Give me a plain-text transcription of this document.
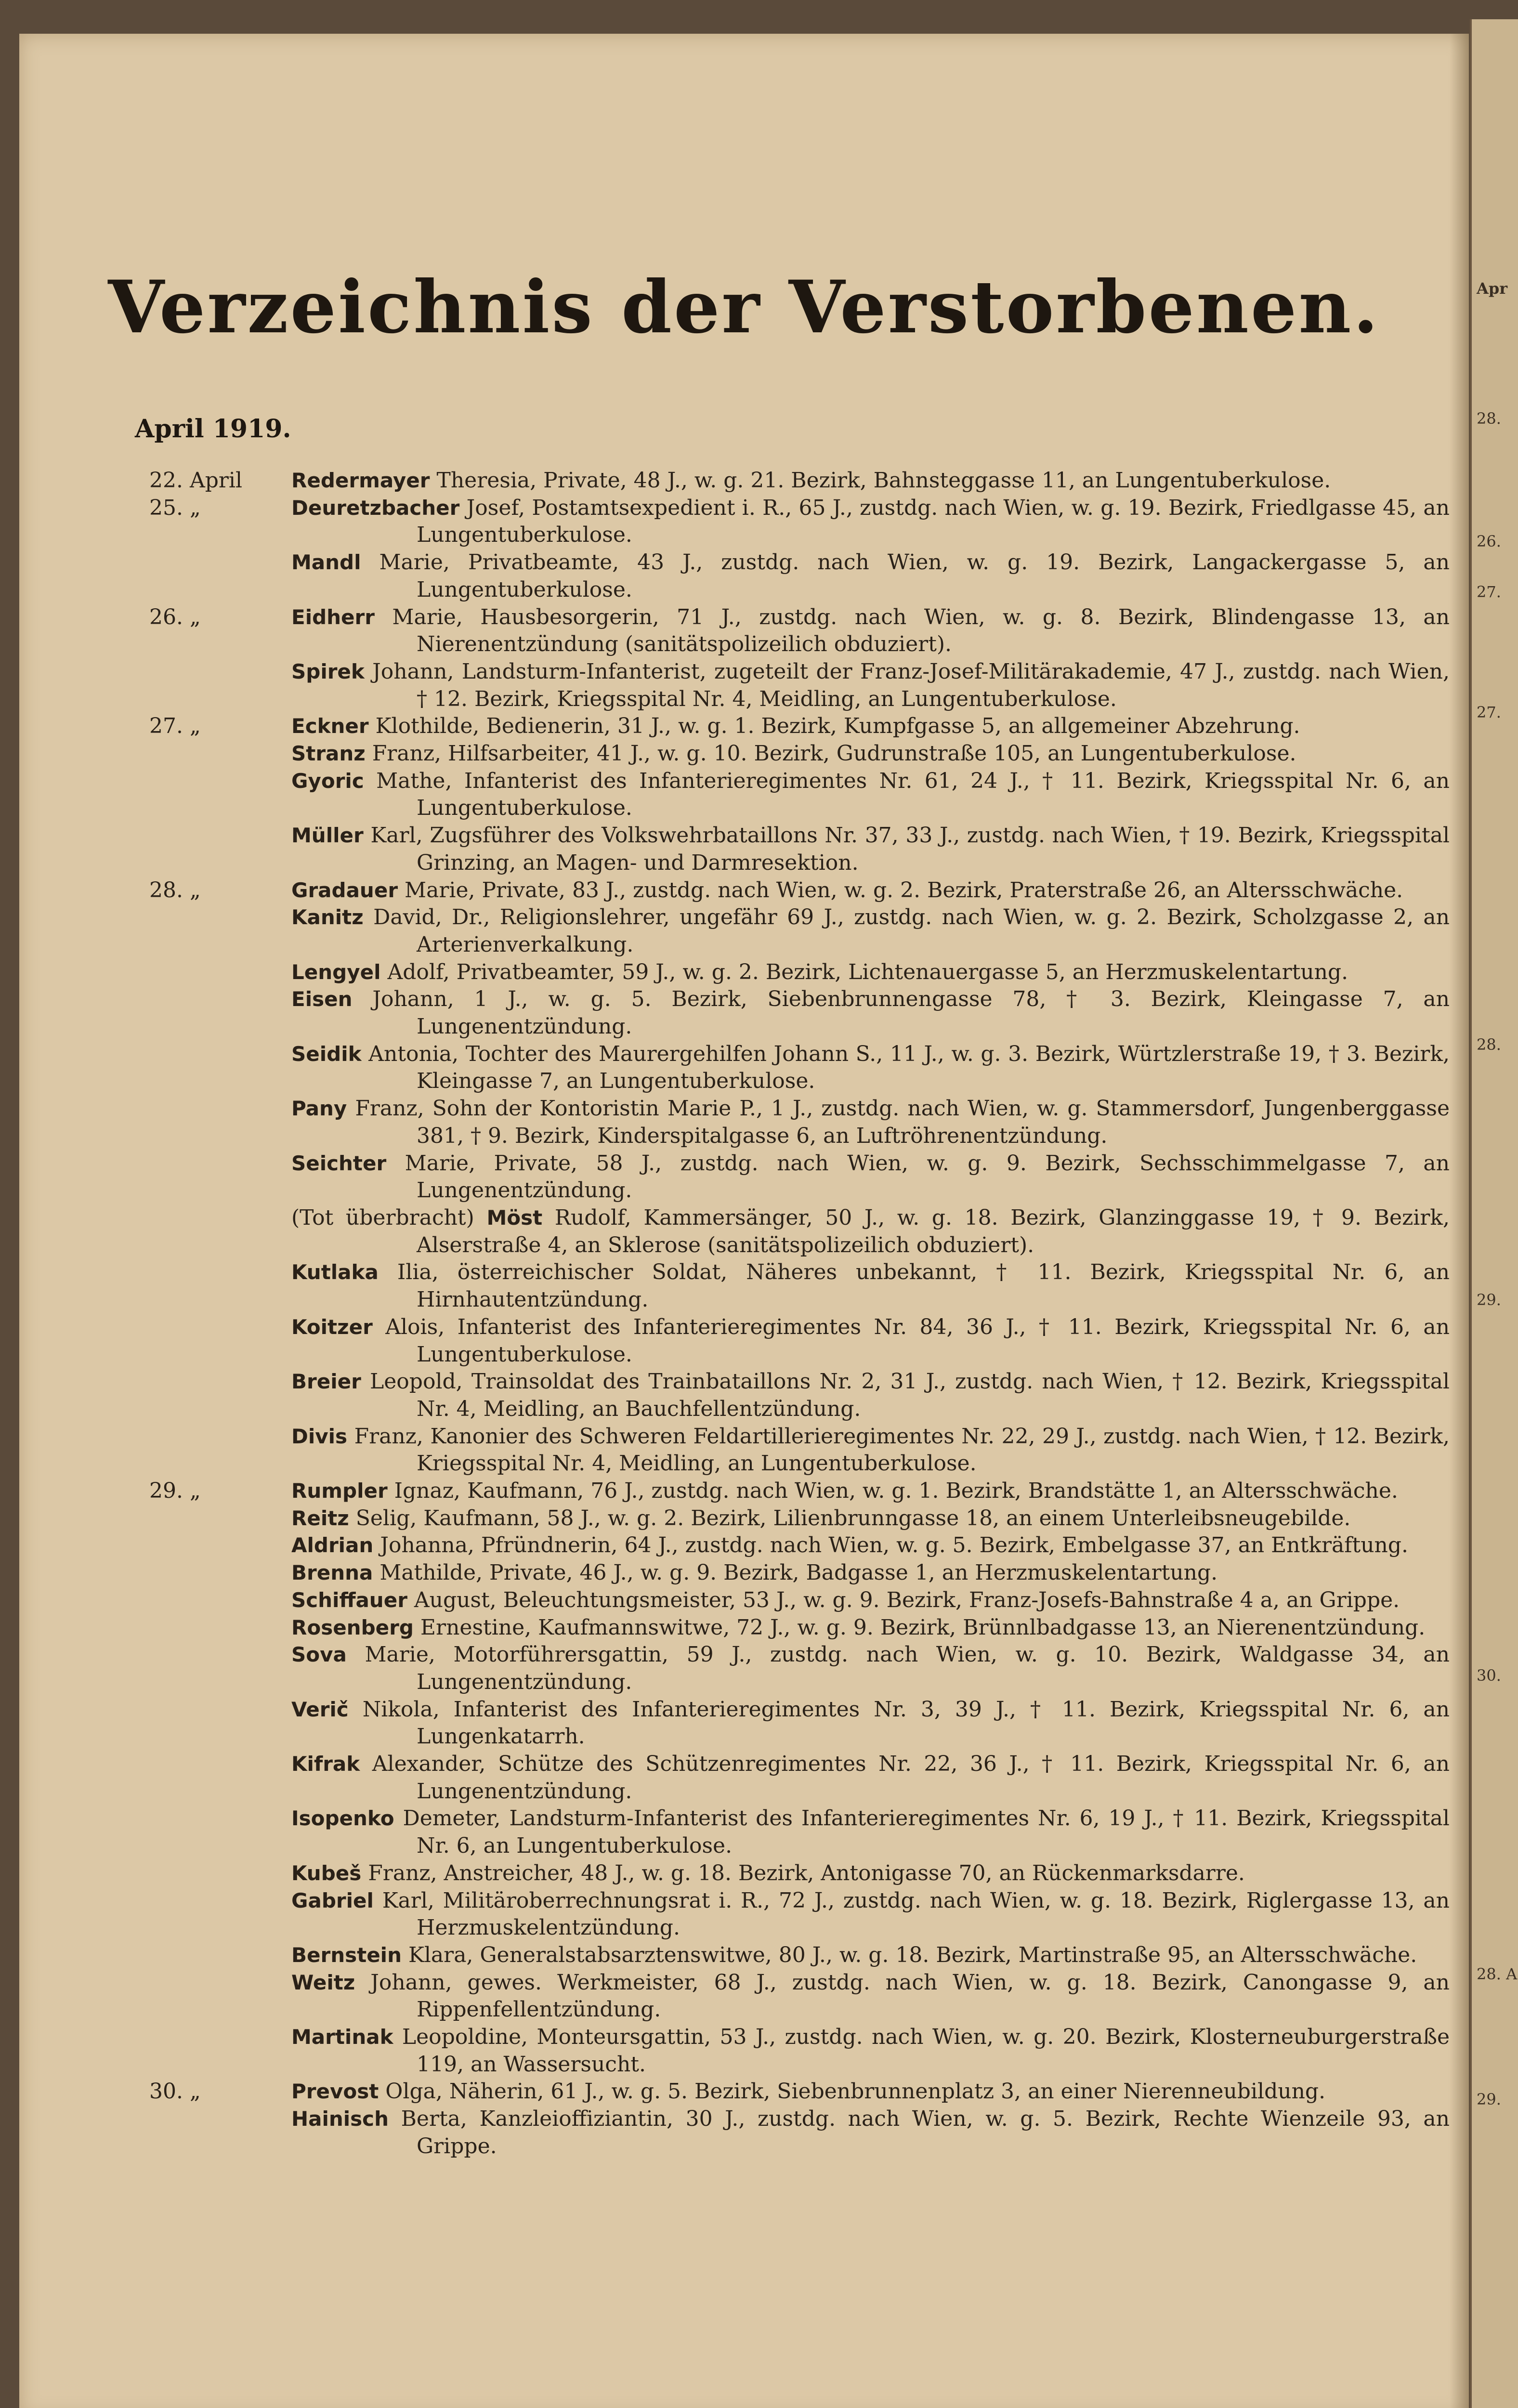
Apr
28.
26.
27.
27.
28.
29.
30.
28. A
29.
Verzeichnis der Verstorbenen.
April 1919.
22. April Redermayer Theresia, Private, 48 J., w. g. 21. Bezirk, Bahnsteggasse 11, an Lungentuberkulose.
25. „	Deuretzbacher Josef, Postamtsexpedient i. R., 65 J., zustdg. nach Wien, w. g. 19. Bezirk, Friedlgasse 45, an Lungentuberkulose.
Mandl Marie, Privatbeamte, 43 J., zustdg. nach Wien, w. g. 19. Bezirk, Langackergasse 5, an Lungentuberkulose.
26. „	Eidherr Marie, Hausbesorgerin, 71 J., zustdg. nach Wien, w. g. 8. Bezirk, Blindengasse 13, an Nierenentzündung (sanitätspolizeilich obduziert).
Spirek Johann, Landsturm-Infanterist, zugeteilt der Franz-Josef-Militärakademie, 47 J., zustdg. nach Wien, † 12. Bezirk, Kriegsspital Nr. 4, Meidling, an Lungentuberkulose.
27. „	Eckner Klothilde, Bedienerin, 31 J., w. g. 1. Bezirk, Kumpfgasse 5, an allgemeiner Abzehrung.
Stranz Franz, Hilfsarbeiter, 41 J., w. g. 10. Bezirk, Gudrunstraße 105, an Lungentuberkulose.
Gyoric Mathe, Infanterist des Infanterieregimentes Nr. 61, 24 J., † 11. Bezirk, Kriegsspital Nr. 6, an Lungentuberkulose.
Müller Karl, Zugsführer des Volkswehrbataillons Nr. 37, 33 J., zustdg. nach Wien, † 19. Bezirk, Kriegsspital Grinzing, an Magen- und Darmresektion.
28. „	Gradauer Marie, Private, 83 J., zustdg. nach Wien, w. g. 2. Bezirk, Praterstraße 26, an Altersschwäche.
Kanitz David, Dr., Religionslehrer, ungefähr 69 J., zustdg. nach Wien, w. g. 2. Bezirk, Scholzgasse 2, an Arterienverkalkung.
Lengyel Adolf, Privatbeamter, 59 J., w. g. 2. Bezirk, Lichtenauergasse 5, an Herzmuskelentartung.
Eisen Johann, 1 J., w. g. 5. Bezirk, Siebenbrunnengasse 78, † 3. Bezirk, Kleingasse 7, an Lungenentzündung.
Seidik Antonia, Tochter des Maurergehilfen Johann S., 11 J., w. g. 3. Bezirk, Würtzlerstraße 19, † 3. Bezirk, Kleingasse 7, an Lungentuberkulose.
Pany Franz, Sohn der Kontoristin Marie P., 1 J., zustdg. nach Wien, w. g. Stammersdorf, Jungenberggasse 381, † 9. Bezirk, Kinderspitalgasse 6, an Luftröhrenentzündung.
Seichter Marie, Private, 58 J., zustdg. nach Wien, w. g. 9. Bezirk, Sechsschimmelgasse 7, an Lungenentzündung.
(Tot überbracht) Möst Rudolf, Kammersänger, 50 J., w. g. 18. Bezirk, Glanzinggasse 19, † 9. Bezirk, Alserstraße 4, an Sklerose (sanitätspolizeilich obduziert).
Kutlaka Ilia, österreichischer Soldat, Näheres unbekannt, † 11. Bezirk, Kriegsspital Nr. 6, an Hirnhautentzündung.
Koitzer Alois, Infanterist des Infanterieregimentes Nr. 84, 36 J., † 11. Bezirk, Kriegsspital Nr. 6, an Lungentuberkulose.
Breier Leopold, Trainsoldat des Trainbataillons Nr. 2, 31 J., zustdg. nach Wien, † 12. Bezirk, Kriegsspital Nr. 4, Meidling, an Bauchfellentzündung.
Divis Franz, Kanonier des Schweren Feldartillerieregimentes Nr. 22, 29 J., zustdg. nach Wien, † 12. Bezirk, Kriegsspital Nr. 4, Meidling, an Lungentuberkulose.
29. „	Rumpler Ignaz, Kaufmann, 76 J., zustdg. nach Wien, w. g. 1. Bezirk, Brandstätte 1, an Altersschwäche.
Reitz Selig, Kaufmann, 58 J., w. g. 2. Bezirk, Lilienbrunngasse 18, an einem Unterleibsneugebilde.
Aldrian Johanna, Pfründnerin, 64 J., zustdg. nach Wien, w. g. 5. Bezirk, Embelgasse 37, an Entkräftung.
Brenna Mathilde, Private, 46 J., w. g. 9. Bezirk, Badgasse 1, an Herzmuskelentartung.
Schiffauer August, Beleuchtungsmeister, 53 J., w. g. 9. Bezirk, Franz-Josefs-Bahnstraße 4 a, an Grippe.
Rosenberg Ernestine, Kaufmannswitwe, 72 J., w. g. 9. Bezirk, Brünnlbadgasse 13, an Nierenentzündung.
Sova Marie, Motorführersgattin, 59 J., zustdg. nach Wien, w. g. 10. Bezirk, Waldgasse 34, an Lungenentzündung.
Verič Nikola, Infanterist des Infanterieregimentes Nr. 3, 39 J., † 11. Bezirk, Kriegsspital Nr. 6, an Lungenkatarrh.
Kifrak Alexander, Schütze des Schützenregimentes Nr. 22, 36 J., † 11. Bezirk, Kriegsspital Nr. 6, an Lungenentzündung.
Isopenko Demeter, Landsturm-Infanterist des Infanterieregimentes Nr. 6, 19 J., † 11. Bezirk, Kriegsspital Nr. 6, an Lungentuberkulose.
Kubeš Franz, Anstreicher, 48 J., w. g. 18. Bezirk, Antonigasse 70, an Rückenmarksdarre.
Gabriel Karl, Militäroberrechnungsrat i. R., 72 J., zustdg. nach Wien, w. g. 18. Bezirk, Riglergasse 13, an Herzmuskelentzündung.
Bernstein Klara, Generalstabsarztenswitwe, 80 J., w. g. 18. Bezirk, Martinstraße 95, an Altersschwäche.
Weitz Johann, gewes. Werkmeister, 68 J., zustdg. nach Wien, w. g. 18. Bezirk, Canongasse 9, an Rippenfellentzündung.
Martinak Leopoldine, Monteursgattin, 53 J., zustdg. nach Wien, w. g. 20. Bezirk, Klosterneuburgerstraße 119, an Wassersucht.
30. „	Prevost Olga, Näherin, 61 J., w. g. 5. Bezirk, Siebenbrunnenplatz 3, an einer Nierenneubildung.
Hainisch Berta, Kanzleioffiziantin, 30 J., zustdg. nach Wien, w. g. 5. Bezirk, Rechte Wienzeile 93, an Grippe.
